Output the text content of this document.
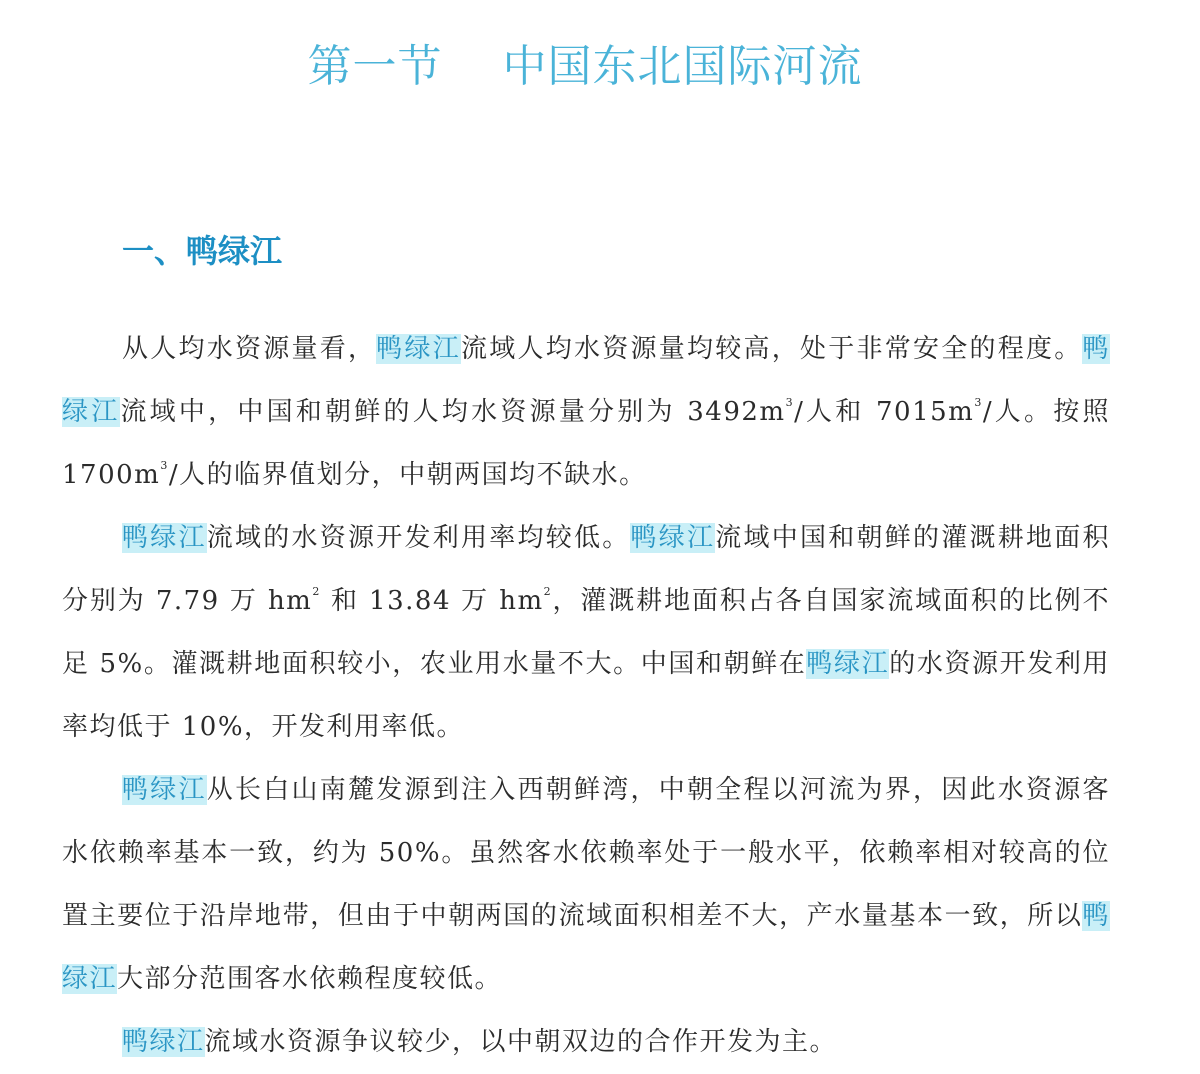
第一节    中国东北国际河流
一、鸭绿江

从人均水资源量看，鸭绿江流域人均水资源量均较高，处于非常安全的程度。鸭绿江流域中，中国和朝鲜的人均水资源量分别为 $3492m^3/$人和 $7015m^3/$人。按照 $1700m^3/$人的临界值划分，中朝两国均不缺水。

鸭绿江流域的水资源开发利用率均较低。鸭绿江流域中国和朝鲜的灌溉耕地面积分别为 7.79 万 $hm^2$ 和 13.84 万 $hm^2$，灌溉耕地面积占各自国家流域面积的比例不足 5%。灌溉耕地面积较小，农业用水量不大。中国和朝鲜在鸭绿江的水资源开发利用率均低于 10%，开发利用率低。

鸭绿江从长白山南麓发源到注入西朝鲜湾，中朝全程以河流为界，因此水资源客水依赖率基本一致，约为 50%。虽然客水依赖率处于一般水平，依赖率相对较高的位置主要位于沿岸地带，但由于中朝两国的流域面积相差不大，产水量基本一致，所以鸭绿江大部分范围客水依赖程度较低。

鸭绿江流域水资源争议较少，以中朝双边的合作开发为主。
